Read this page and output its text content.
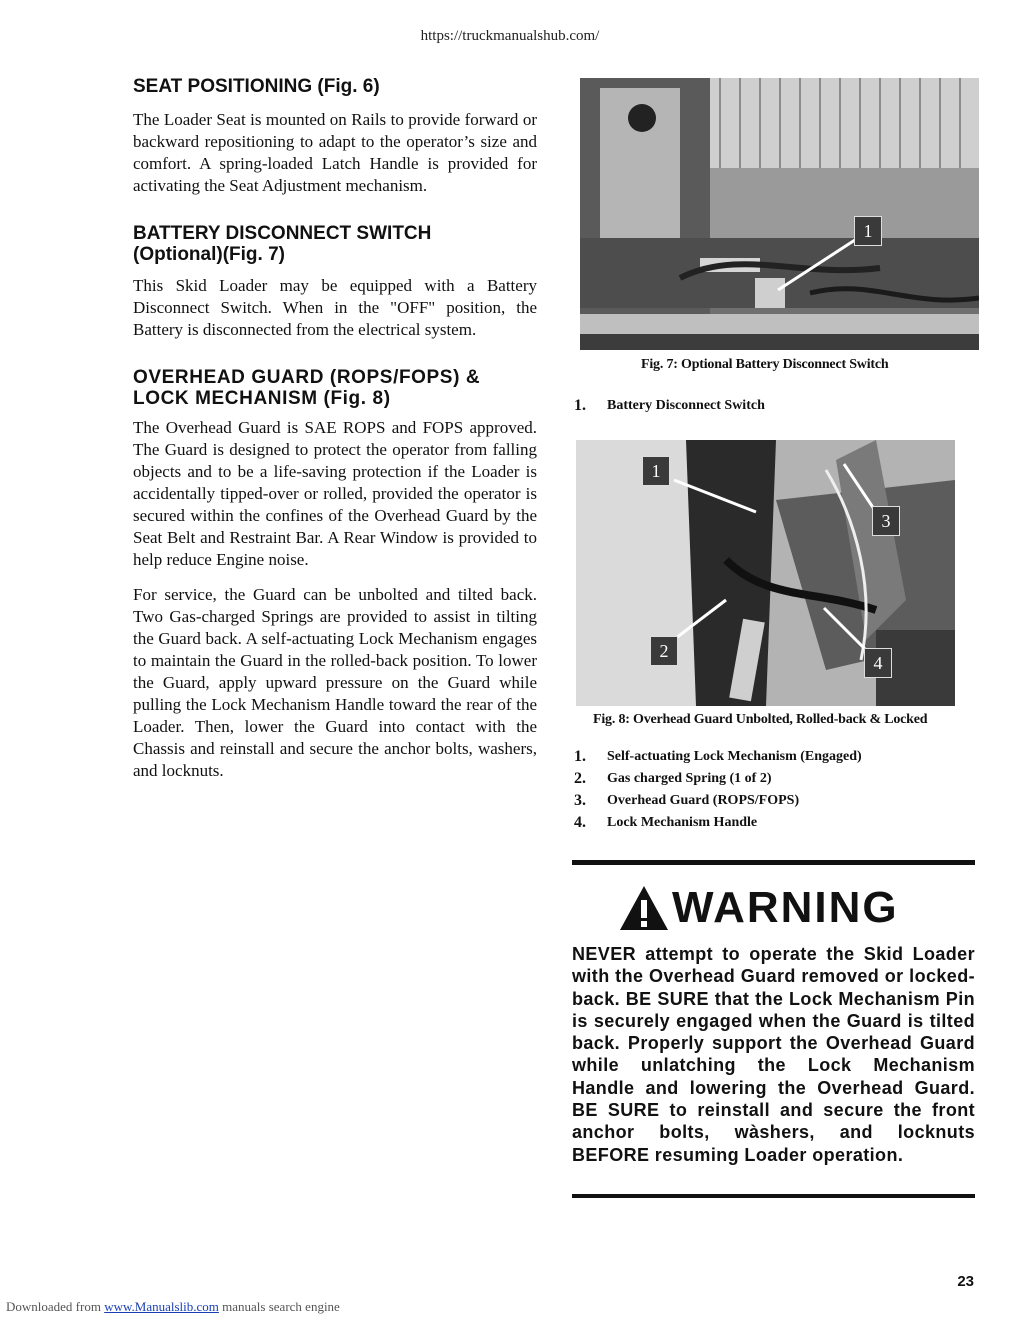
https://truckmanualshub.com/
SEAT POSITIONING (Fig. 6)

The Loader Seat is mounted on Rails to provide forward or backward repositioning to adapt to the operator’s size and comfort. A spring-loaded Latch Handle is provided for activating the Seat Adjustment mechanism.

BATTERY DISCONNECT SWITCH
(Optional)(Fig. 7)

This Skid Loader may be equipped with a Battery Disconnect Switch. When in the "OFF" position, the Battery is disconnected from the electrical system.

OVERHEAD GUARD (ROPS/FOPS) &
LOCK MECHANISM (Fig. 8)

The Overhead Guard is SAE ROPS and FOPS approved. The Guard is designed to protect the operator from falling objects and to be a life-saving protection if the Loader is accidentally tipped-over or rolled, provided the operator is secured within the confines of the Overhead Guard by the Seat Belt and Restraint Bar. A Rear Window is provided to help reduce Engine noise.

For service, the Guard can be unbolted and tilted back. Two Gas-charged Springs are provided to assist in tilting the Guard back. A self-actuating Lock Mechanism engages to maintain the Guard in the rolled-back position. To lower the Guard, apply upward pressure on the Guard while pulling the Lock Mechanism Handle toward the rear of the Loader. Then, lower the Guard into contact with the Chassis and reinstall and secure the anchor bolts, washers, and locknuts.

1
Fig. 7: Optional Battery Disconnect Switch
1.	Battery Disconnect Switch
1
2
3
4
Fig. 8: Overhead Guard Unbolted, Rolled-back & Locked
1.	Self-actuating Lock Mechanism (Engaged)
2.	Gas charged Spring (1 of 2)
3.	Overhead Guard (ROPS/FOPS)
4.	Lock Mechanism Handle
WARNING
NEVER attempt to operate the Skid Loader with the Overhead Guard removed or locked-back. BE SURE that the Lock Mechanism Pin is securely engaged when the Guard is tilted back. Properly support the Overhead Guard while unlatching the Lock Mechanism Handle and lowering the Overhead Guard. BE SURE to reinstall and secure the front anchor bolts, wàshers, and locknuts BEFORE resuming Loader operation.
23
Downloaded from www.Manualslib.com manuals search engine
